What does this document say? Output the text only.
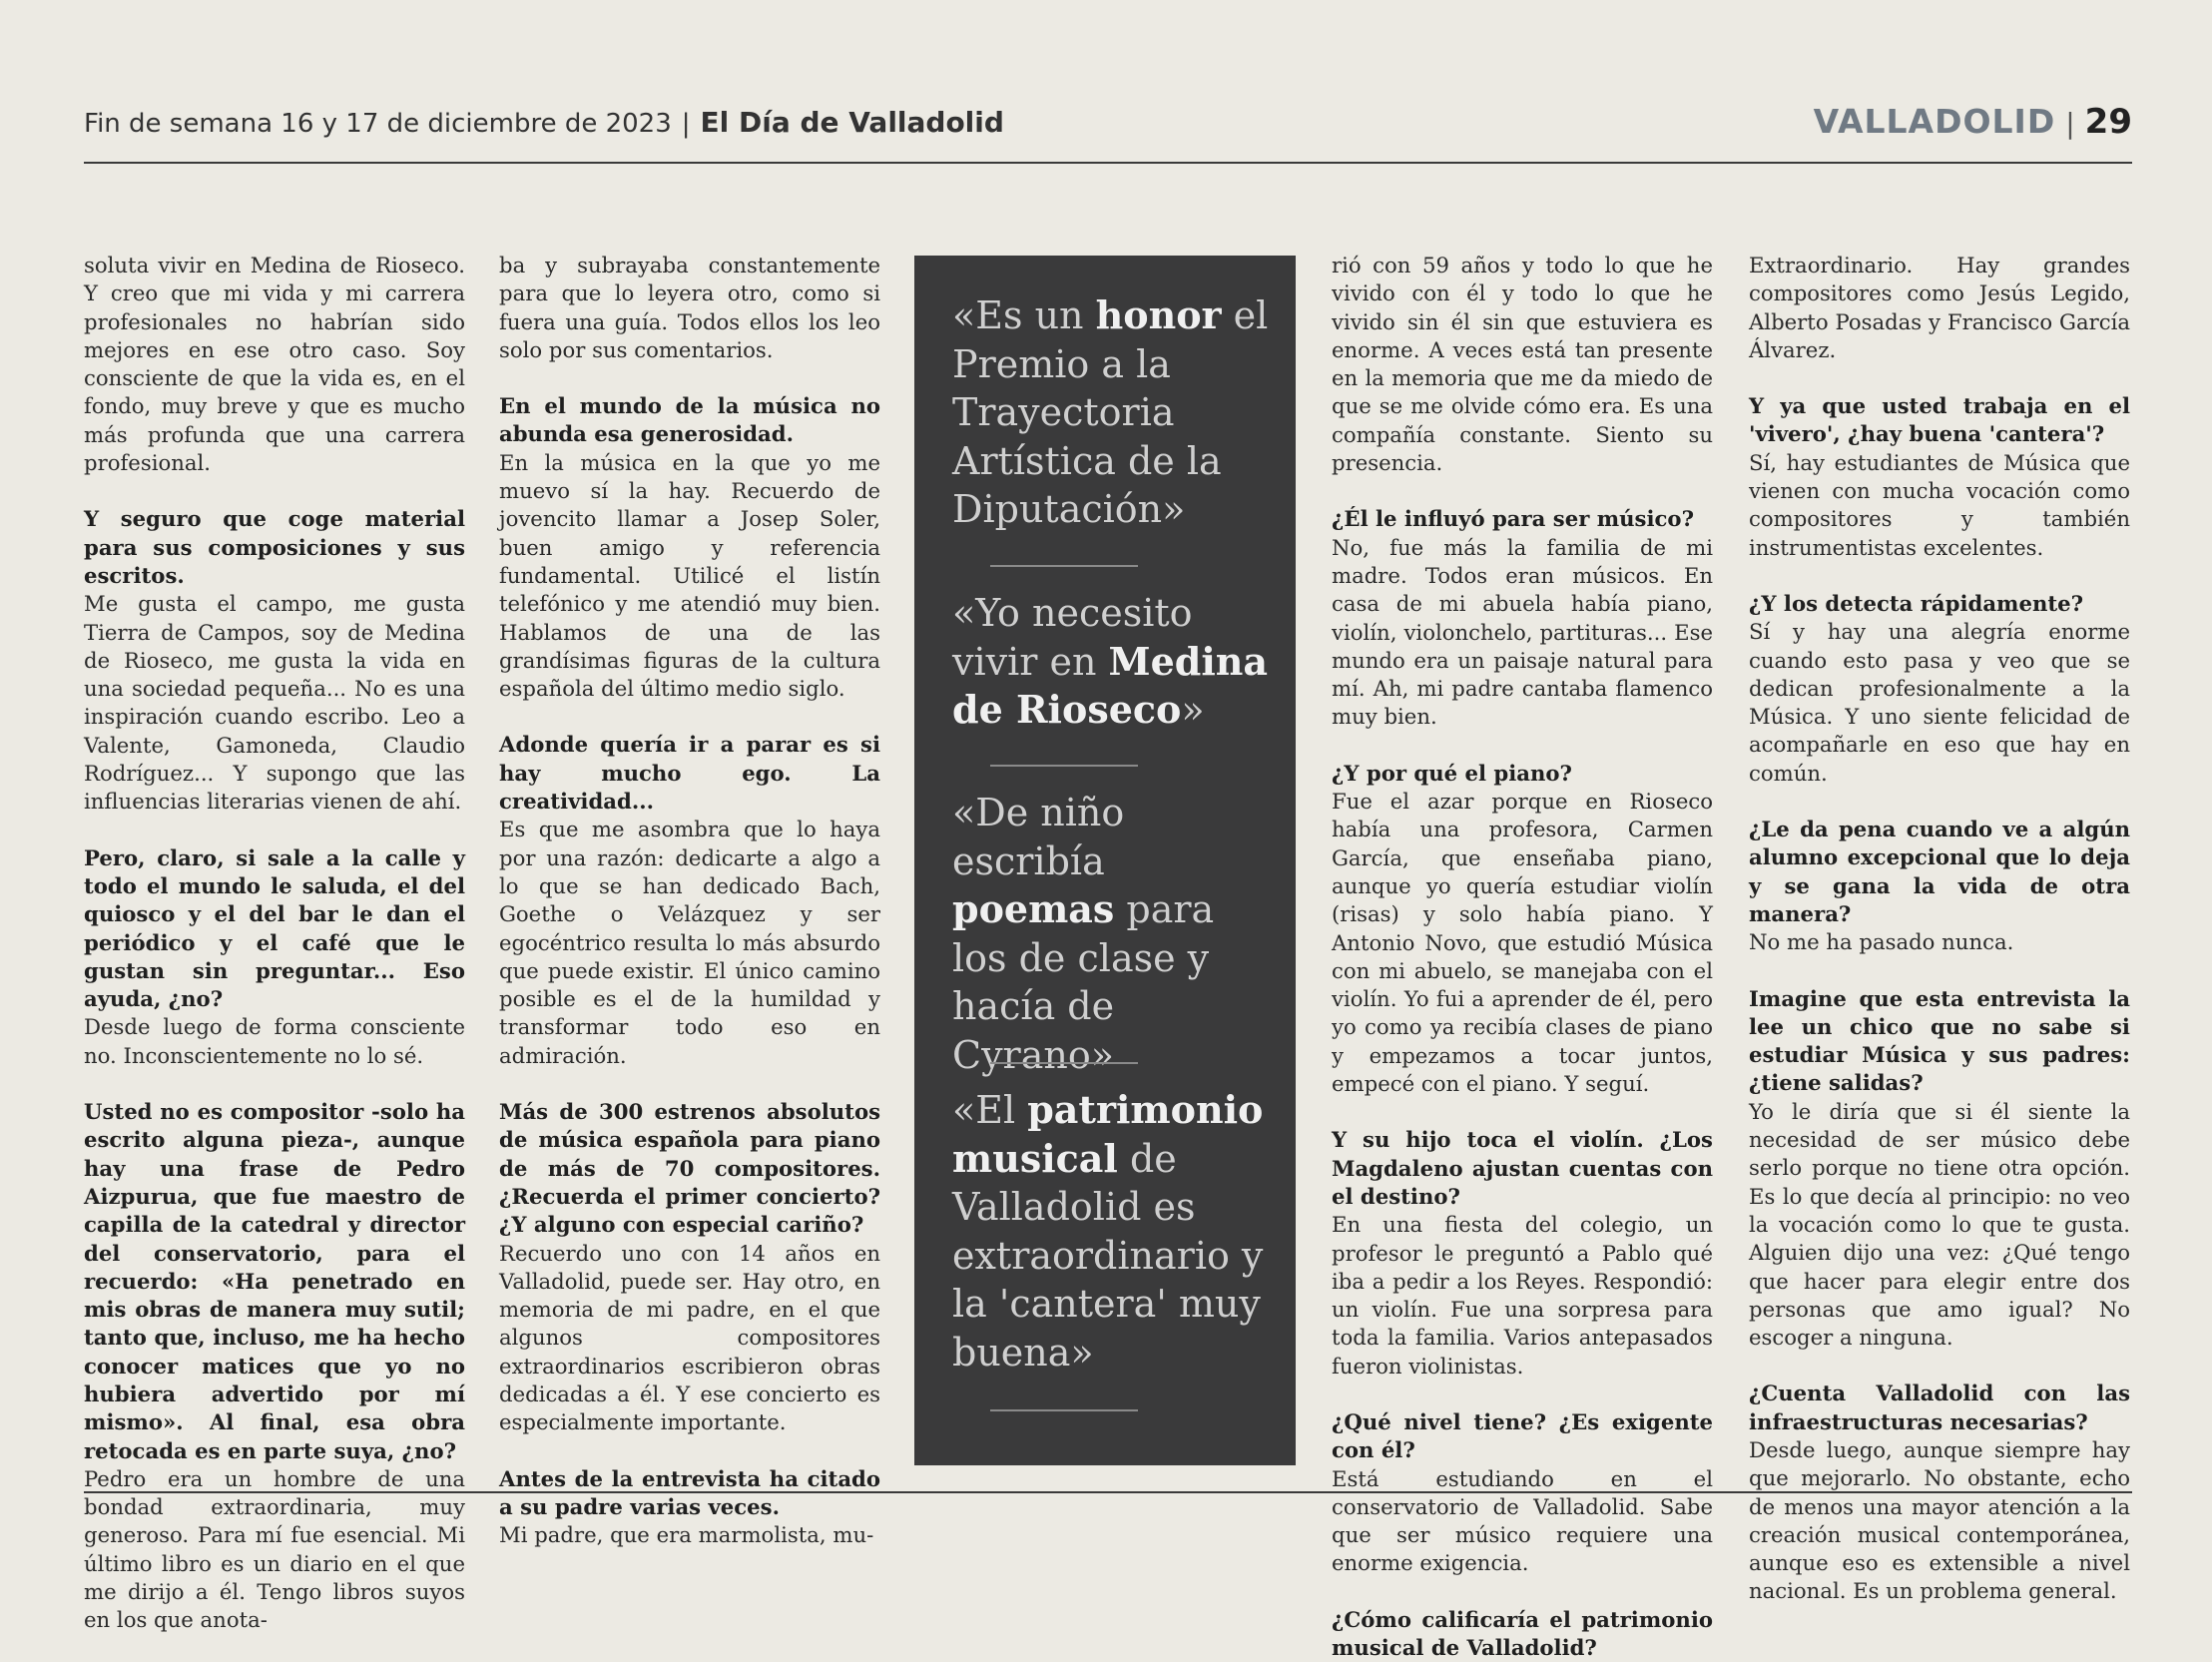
Fin de semana 16 y 17 de diciembre de 2023 | El Día de Valladolid	VALLADOLID | 29

soluta vivir en Medina de Rioseco. Y creo que mi vida y mi carrera profesionales no habrían sido mejores en ese otro caso. Soy consciente de que la vida es, en el fondo, muy breve y que es mucho más profunda que una carrera profesional.

Y seguro que coge material para sus composiciones y sus escritos.
Me gusta el campo, me gusta Tierra de Campos, soy de Medina de Rioseco, me gusta la vida en una sociedad pequeña... No es una inspiración cuando escribo. Leo a Valente, Gamoneda, Claudio Rodríguez... Y supongo que las influencias literarias vienen de ahí.

Pero, claro, si sale a la calle y todo el mundo le saluda, el del quiosco y el del bar le dan el periódico y el café que le gustan sin preguntar... Eso ayuda, ¿no?
Desde luego de forma consciente no. Inconscientemente no lo sé.

Usted no es compositor -solo ha escrito alguna pieza-, aunque hay una frase de Pedro Aizpurua, que fue maestro de capilla de la catedral y director del conservatorio, para el recuerdo: «Ha penetrado en mis obras de manera muy sutil; tanto que, incluso, me ha hecho conocer matices que yo no hubiera advertido por mí mismo». Al final, esa obra retocada es en parte suya, ¿no?
Pedro era un hombre de una bondad extraordinaria, muy generoso. Para mí fue esencial. Mi último libro es un diario en el que me dirijo a él. Tengo libros suyos en los que anota-

ba y subrayaba constantemente para que lo leyera otro, como si fuera una guía. Todos ellos los leo solo por sus comentarios.

En el mundo de la música no abunda esa generosidad.
En la música en la que yo me muevo sí la hay. Recuerdo de jovencito llamar a Josep Soler, buen amigo y referencia fundamental. Utilicé el listín telefónico y me atendió muy bien. Hablamos de una de las grandísimas figuras de la cultura española del último medio siglo.

Adonde quería ir a parar es si hay mucho ego. La creatividad...
Es que me asombra que lo haya por una razón: dedicarte a algo a lo que se han dedicado Bach, Goethe o Velázquez y ser egocéntrico resulta lo más absurdo que puede existir. El único camino posible es el de la humildad y transformar todo eso en admiración.

Más de 300 estrenos absolutos de música española para piano de más de 70 compositores. ¿Recuerda el primer concierto? ¿Y alguno con especial cariño?
Recuerdo uno con 14 años en Valladolid, puede ser. Hay otro, en memoria de mi padre, en el que algunos compositores extraordinarios escribieron obras dedicadas a él. Y ese concierto es especialmente importante.

Antes de la entrevista ha citado a su padre varias veces.
Mi padre, que era marmolista, mu-

«Es un honor el Premio a la Trayectoria Artística de la Diputación»
«Yo necesito vivir en Medina de Rioseco»
«De niño escribía poemas para los de clase y hacía de Cyrano»
«El patrimonio musical de Valladolid es extraordinario y la 'cantera' muy buena»

rió con 59 años y todo lo que he vivido con él y todo lo que he vivido sin él sin que estuviera es enorme. A veces está tan presente en la memoria que me da miedo de que se me olvide cómo era. Es una compañía constante. Siento su presencia.

¿Él le influyó para ser músico?
No, fue más la familia de mi madre. Todos eran músicos. En casa de mi abuela había piano, violín, violonchelo, partituras... Ese mundo era un paisaje natural para mí. Ah, mi padre cantaba flamenco muy bien.

¿Y por qué el piano?
Fue el azar porque en Rioseco había una profesora, Carmen García, que enseñaba piano, aunque yo quería estudiar violín (risas) y solo había piano. Y Antonio Novo, que estudió Música con mi abuelo, se manejaba con el violín. Yo fui a aprender de él, pero yo como ya recibía clases de piano y empezamos a tocar juntos, empecé con el piano. Y seguí.

Y su hijo toca el violín. ¿Los Magdaleno ajustan cuentas con el destino?
En una fiesta del colegio, un profesor le preguntó a Pablo qué iba a pedir a los Reyes. Respondió: un violín. Fue una sorpresa para toda la familia. Varios antepasados fueron violinistas.

¿Qué nivel tiene? ¿Es exigente con él?
Está estudiando en el conservatorio de Valladolid. Sabe que ser músico requiere una enorme exigencia.

¿Cómo calificaría el patrimonio musical de Valladolid?

Extraordinario. Hay grandes compositores como Jesús Legido, Alberto Posadas y Francisco García Álvarez.

Y ya que usted trabaja en el 'vivero', ¿hay buena 'cantera'?
Sí, hay estudiantes de Música que vienen con mucha vocación como compositores y también instrumentistas excelentes.

¿Y los detecta rápidamente?
Sí y hay una alegría enorme cuando esto pasa y veo que se dedican profesionalmente a la Música. Y uno siente felicidad de acompañarle en eso que hay en común.

¿Le da pena cuando ve a algún alumno excepcional que lo deja y se gana la vida de otra manera?
No me ha pasado nunca.

Imagine que esta entrevista la lee un chico que no sabe si estudiar Música y sus padres: ¿tiene salidas?
Yo le diría que si él siente la necesidad de ser músico debe serlo porque no tiene otra opción. Es lo que decía al principio: no veo la vocación como lo que te gusta. Alguien dijo una vez: ¿Qué tengo que hacer para elegir entre dos personas que amo igual? No escoger a ninguna.

¿Cuenta Valladolid con las infraestructuras necesarias?
Desde luego, aunque siempre hay que mejorarlo. No obstante, echo de menos una mayor atención a la creación musical contemporánea, aunque eso es extensible a nivel nacional. Es un problema general.
